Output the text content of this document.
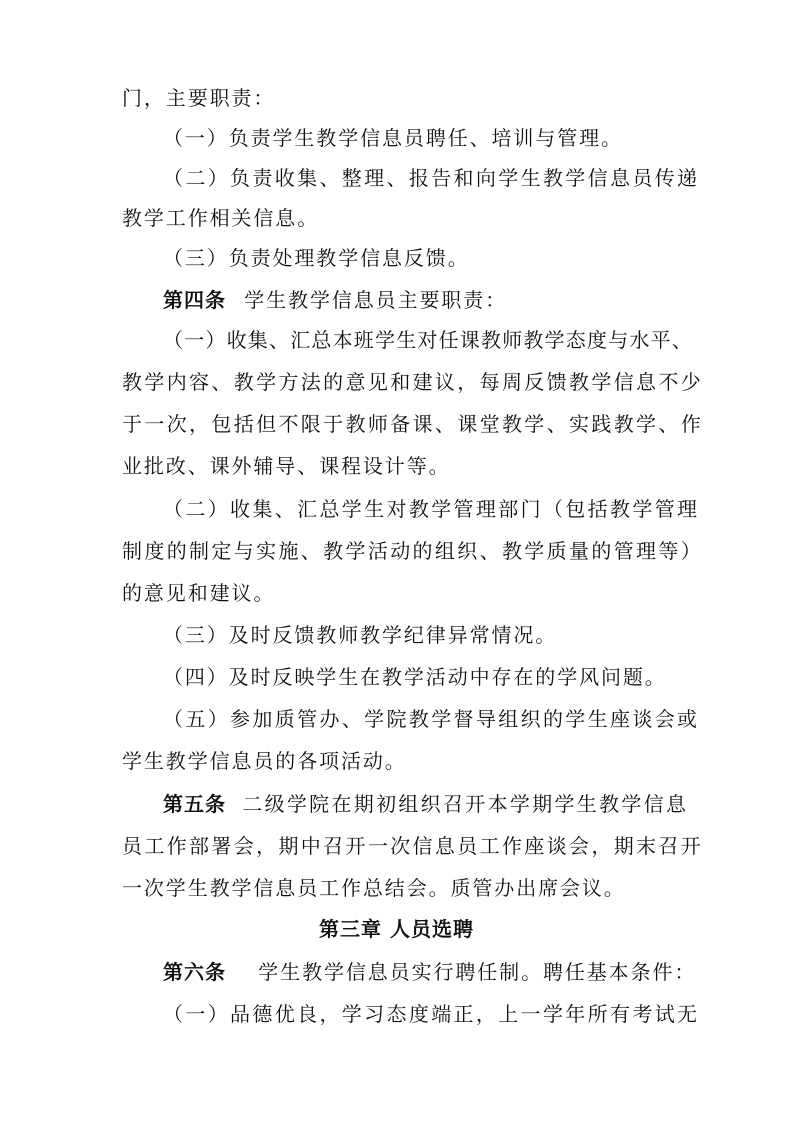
门，主要职责：
（一）负责学生教学信息员聘任、培训与管理。
（二）负责收集、整理、报告和向学生教学信息员传递
教学工作相关信息。
（三）负责处理教学信息反馈。
第四条 学生教学信息员主要职责：
（一）收集、汇总本班学生对任课教师教学态度与水平、
教学内容、教学方法的意见和建议，每周反馈教学信息不少
于一次，包括但不限于教师备课、课堂教学、实践教学、作
业批改、课外辅导、课程设计等。
（二）收集、汇总学生对教学管理部门（包括教学管理
制度的制定与实施、教学活动的组织、教学质量的管理等）
的意见和建议。
（三）及时反馈教师教学纪律异常情况。
（四）及时反映学生在教学活动中存在的学风问题。
（五）参加质管办、学院教学督导组织的学生座谈会或
学生教学信息员的各项活动。
第五条 二级学院在期初组织召开本学期学生教学信息
员工作部署会，期中召开一次信息员工作座谈会，期末召开
一次学生教学信息员工作总结会。质管办出席会议。
第三章 人员选聘
第六条 学生教学信息员实行聘任制。聘任基本条件：
（一）品德优良，学习态度端正，上一学年所有考试无
